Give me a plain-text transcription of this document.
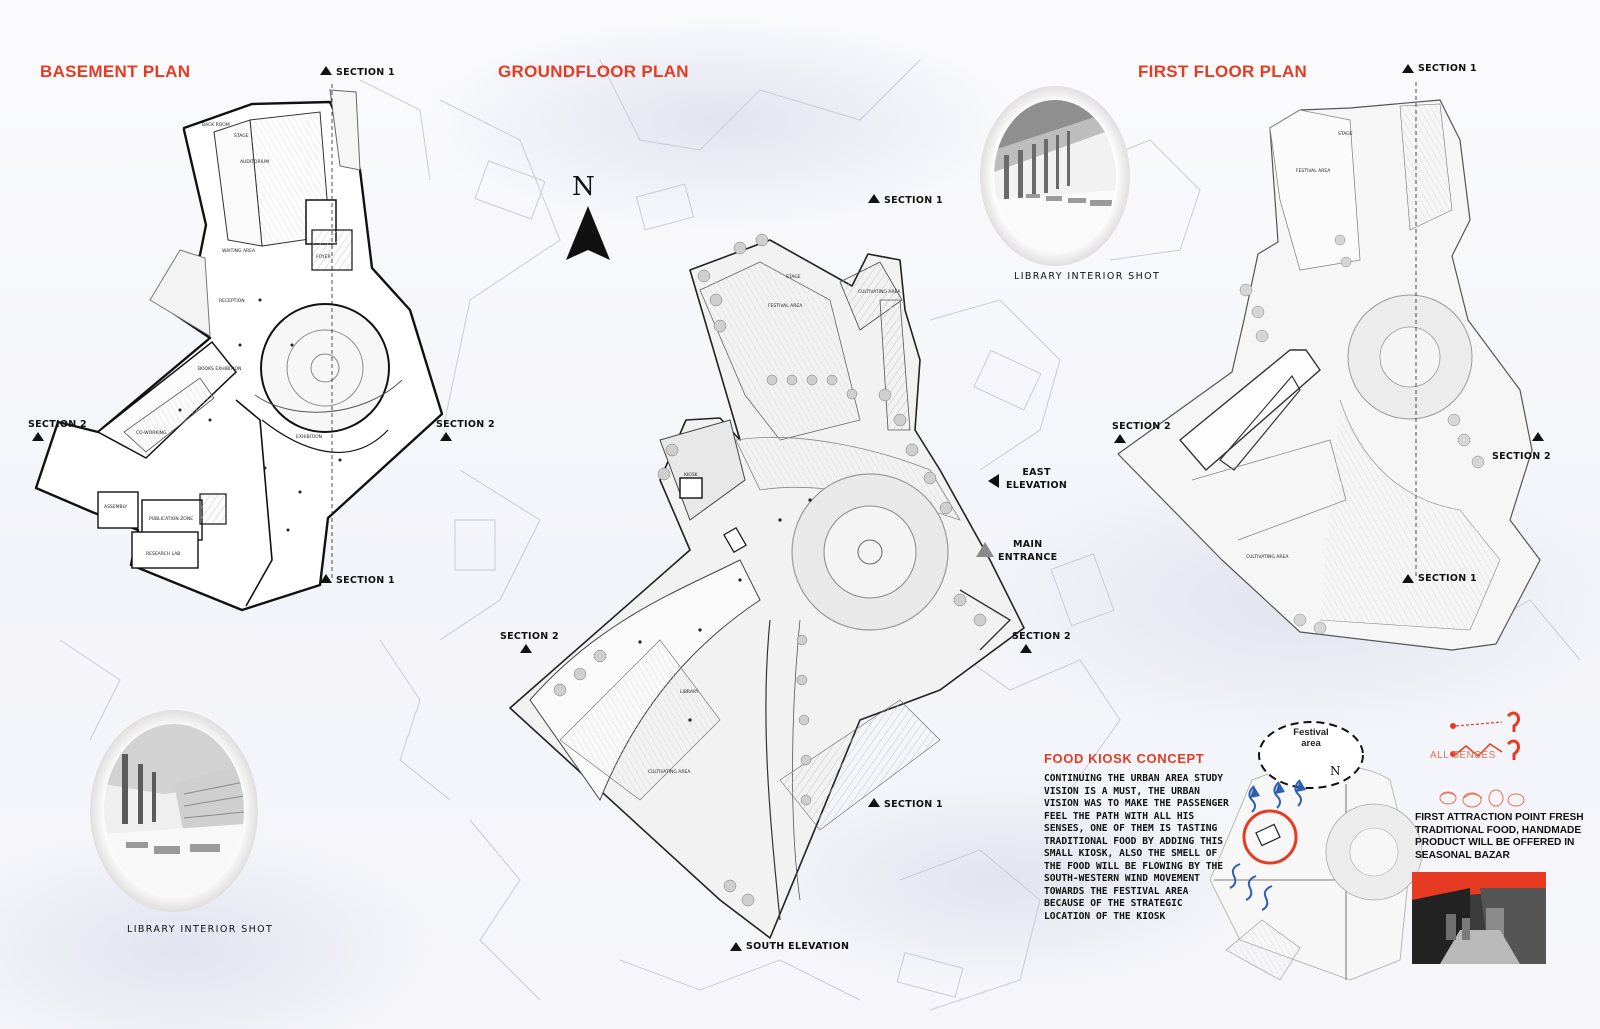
STAGE
AUDITORIUM
BACK ROOM
WAITING AREA
FOYER
RECEPTION
BOOKS EXHIBITION
EXHIBITION
CO-WORKING
ASSEMBLY
PUBLICATION ZONE
RESEARCH LAB
STAGE
FESTIVAL AREA
CULTIVATING AREA
LIBRARY
CULTIVATING AREA
KIOSK
STAGE
FESTIVAL AREA
CULTIVATING AREA
BASEMENT PLAN	GROUNDFLOOR PLAN	FIRST FLOOR PLAN
SECTION 1
SECTION 2	SECTION 2
SECTION 1
N	SECTION 1
EAST
ELEVATION
MAIN
ENTRANCE
SECTION 2	SECTION 2
SECTION 1
SOUTH ELEVATION
SECTION 1
SECTION 2
SECTION 2
SECTION 1
LIBRARY INTERIOR SHOT
LIBRARY INTERIOR SHOT
FOOD KIOSK CONCEPT
CONTINUING THE URBAN AREA STUDY VISION IS A MUST, THE URBAN VISION WAS TO MAKE THE PASSENGER FEEL THE PATH WITH ALL HIS SENSES, ONE OF THEM IS TASTING TRADITIONAL FOOD BY ADDING THIS SMALL KIOSK, ALSO THE SMELL OF THE FOOD WILL BE FLOWING BY THE SOUTH-WESTERN WIND MOVEMENT TOWARDS THE FESTIVAL AREA BECAUSE OF THE STRATEGIC LOCATION OF THE KIOSK
Festival
area
N
ALL SENSES
FIRST ATTRACTION POINT FRESH TRADITIONAL FOOD, HANDMADE PRODUCT WILL BE OFFERED IN SEASONAL BAZAR
